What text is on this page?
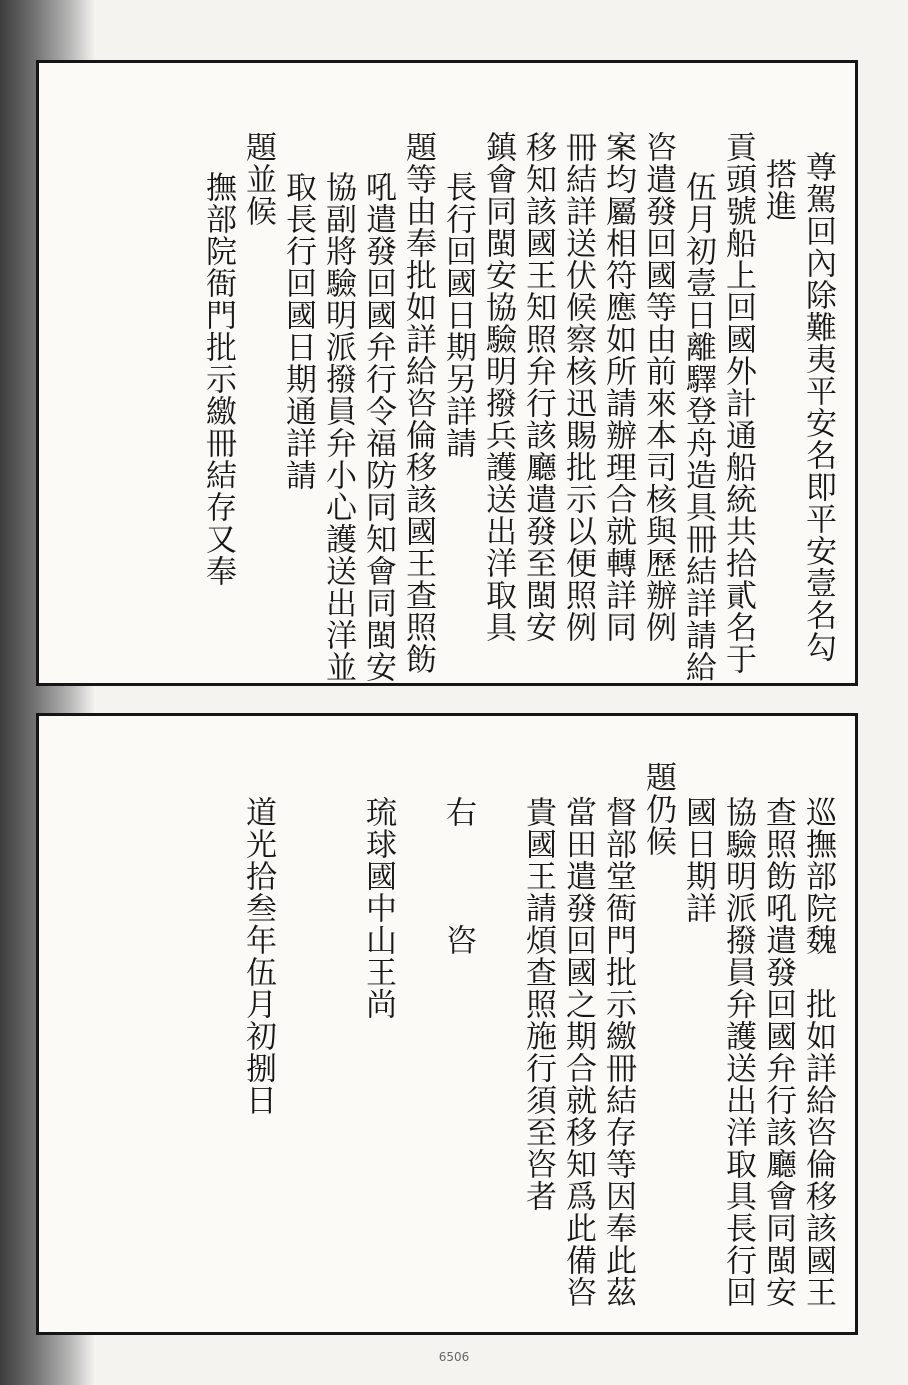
尊駕回內除難夷平安名即平安壹名勾
搭進
貢頭號船上回國外計通船統共拾貳名于
伍月初壹日離驛登舟造具冊結詳請給
咨遣發回國等由前來本司核與歷辦例
案均屬相符應如所請辦理合就轉詳同
冊結詳送伏候察核迅賜批示以便照例
移知該國王知照弁行該廳遣發至閩安
鎮會同閩安協驗明撥兵護送出洋取具
長行回國日期另詳請
題等由奉批如詳給咨倫移該國王查照飭
吼遣發回國弁行令福防同知會同閩安
協副將驗明派撥員弁小心護送出洋並
取長行回國日期通詳請
題並候
撫部院衙門批示繳冊結存又奉
巡撫部院魏　批如詳給咨倫移該國王
查照飭吼遣發回國弁行該廳會同閩安
協驗明派撥員弁護送出洋取具長行回
國日期詳
題仍候
督部堂衙門批示繳冊結存等因奉此茲
當田遣發回國之期合就移知爲此備咨
貴國王請煩查照施行須至咨者
右　　　咨
琉球國中山王尚
道光拾叁年伍月初捌日
6506
